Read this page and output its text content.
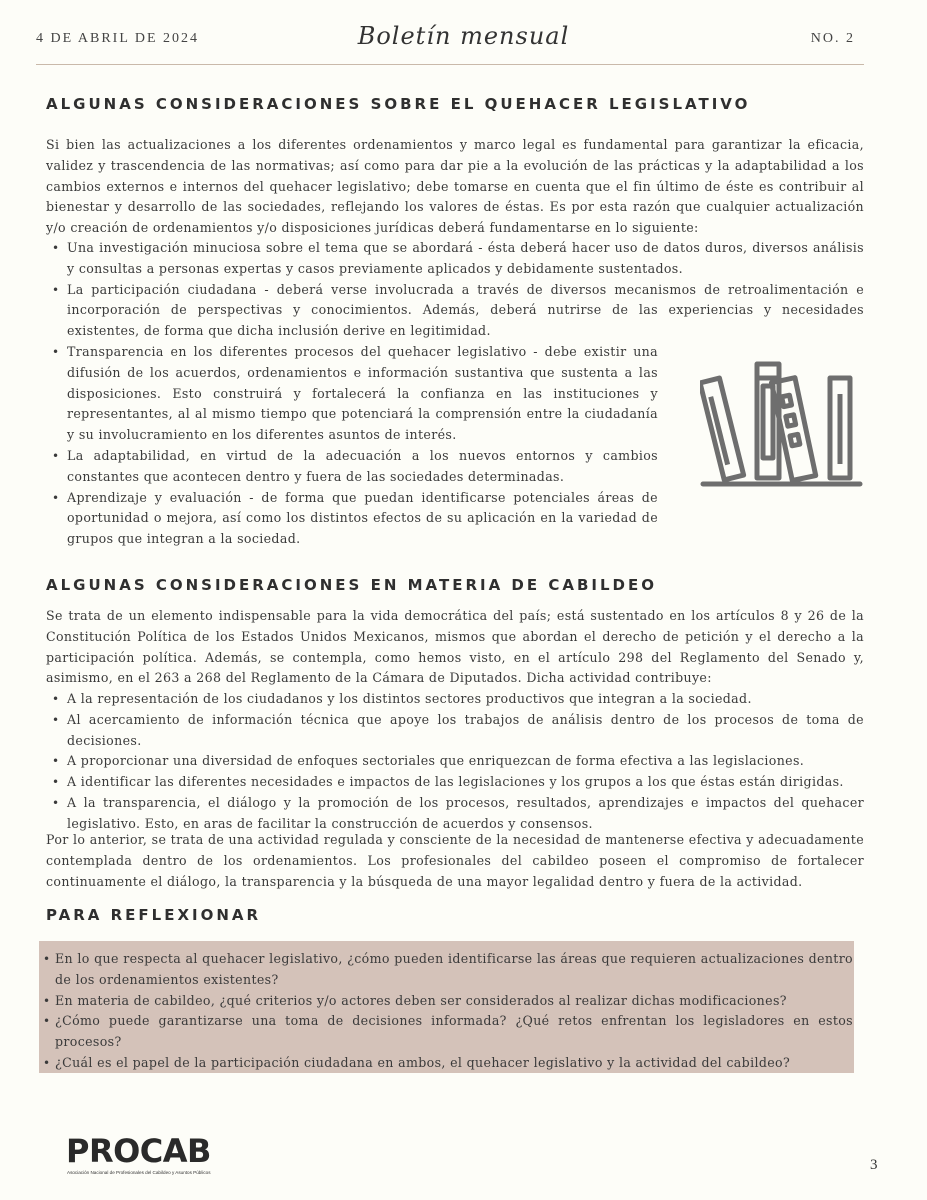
4 DE ABRIL DE 2024	Boletín mensual	NO. 2
ALGUNAS CONSIDERACIONES SOBRE EL QUEHACER LEGISLATIVO

Si bien las actualizaciones a los diferentes ordenamientos y marco legal es fundamental para garantizar la eficacia, validez y trascendencia de las normativas; así como para dar pie a la evolución de las prácticas y la adaptabilidad a los cambios externos e internos del quehacer legislativo; debe tomarse en cuenta que el fin último de éste es contribuir al bienestar y desarrollo de las sociedades, reflejando los valores de éstas. Es por esta razón que cualquier actualización y/o creación de ordenamientos y/o disposiciones jurídicas deberá fundamentarse en lo siguiente:

• Una investigación minuciosa sobre el tema que se abordará - ésta deberá hacer uso de datos duros, diversos análisis y consultas a personas expertas y casos previamente aplicados y debidamente sustentados.
• La participación ciudadana - deberá verse involucrada a través de diversos mecanismos de retroalimentación e incorporación de perspectivas y conocimientos. Además, deberá nutrirse de las experiencias y necesidades existentes, de forma que dicha inclusión derive en legitimidad.
• Transparencia en los diferentes procesos del quehacer legislativo - debe existir una difusión de los acuerdos, ordenamientos e información sustantiva que sustenta a las disposiciones. Esto construirá y fortalecerá la confianza en las instituciones y representantes, al al mismo tiempo que potenciará la comprensión entre la ciudadanía y su involucramiento en los diferentes asuntos de interés.
• La adaptabilidad, en virtud de la adecuación a los nuevos entornos y cambios constantes que acontecen dentro y fuera de las sociedades determinadas.
• Aprendizaje y evaluación - de forma que puedan identificarse potenciales áreas de oportunidad o mejora, así como los distintos efectos de su aplicación en la variedad de grupos que integran a la sociedad.
ALGUNAS CONSIDERACIONES EN MATERIA DE CABILDEO

Se trata de un elemento indispensable para la vida democrática del país; está sustentado en los artículos 8 y 26 de la Constitución Política de los Estados Unidos Mexicanos, mismos que abordan el derecho de petición y el derecho a la participación política. Además, se contempla, como hemos visto, en el artículo 298 del Reglamento del Senado y, asimismo, en el 263 a 268 del Reglamento de la Cámara de Diputados. Dicha actividad contribuye:

• A la representación de los ciudadanos y los distintos sectores productivos que integran a la sociedad.
• Al acercamiento de información técnica que apoye los trabajos de análisis dentro de los procesos de toma de decisiones.
• A proporcionar una diversidad de enfoques sectoriales que enriquezcan de forma efectiva a las legislaciones.
• A identificar las diferentes necesidades e impactos de las legislaciones y los grupos a los que éstas están dirigidas.
• A la transparencia, el diálogo y la promoción de los procesos, resultados, aprendizajes e impactos del quehacer legislativo. Esto, en aras de facilitar la construcción de acuerdos y consensos.

Por lo anterior, se trata de una actividad regulada y consciente de la necesidad de mantenerse efectiva y adecuadamente contemplada dentro de los ordenamientos. Los profesionales del cabildeo poseen el compromiso de fortalecer continuamente el diálogo, la transparencia y la búsqueda de una mayor legalidad dentro y fuera de la actividad.

PARA REFLEXIONAR
• En lo que respecta al quehacer legislativo, ¿cómo pueden identificarse las áreas que requieren actualizaciones dentro de los ordenamientos existentes?
• En materia de cabildeo, ¿qué criterios y/o actores deben ser considerados al realizar dichas modificaciones?
• ¿Cómo puede garantizarse una toma de decisiones informada? ¿Qué retos enfrentan los legisladores en estos procesos?
• ¿Cuál es el papel de la participación ciudadana en ambos, el quehacer legislativo y la actividad del cabildeo?
PROCAB
Asociación Nacional de Profesionales del Cabildeo y Asuntos Públicos	3
